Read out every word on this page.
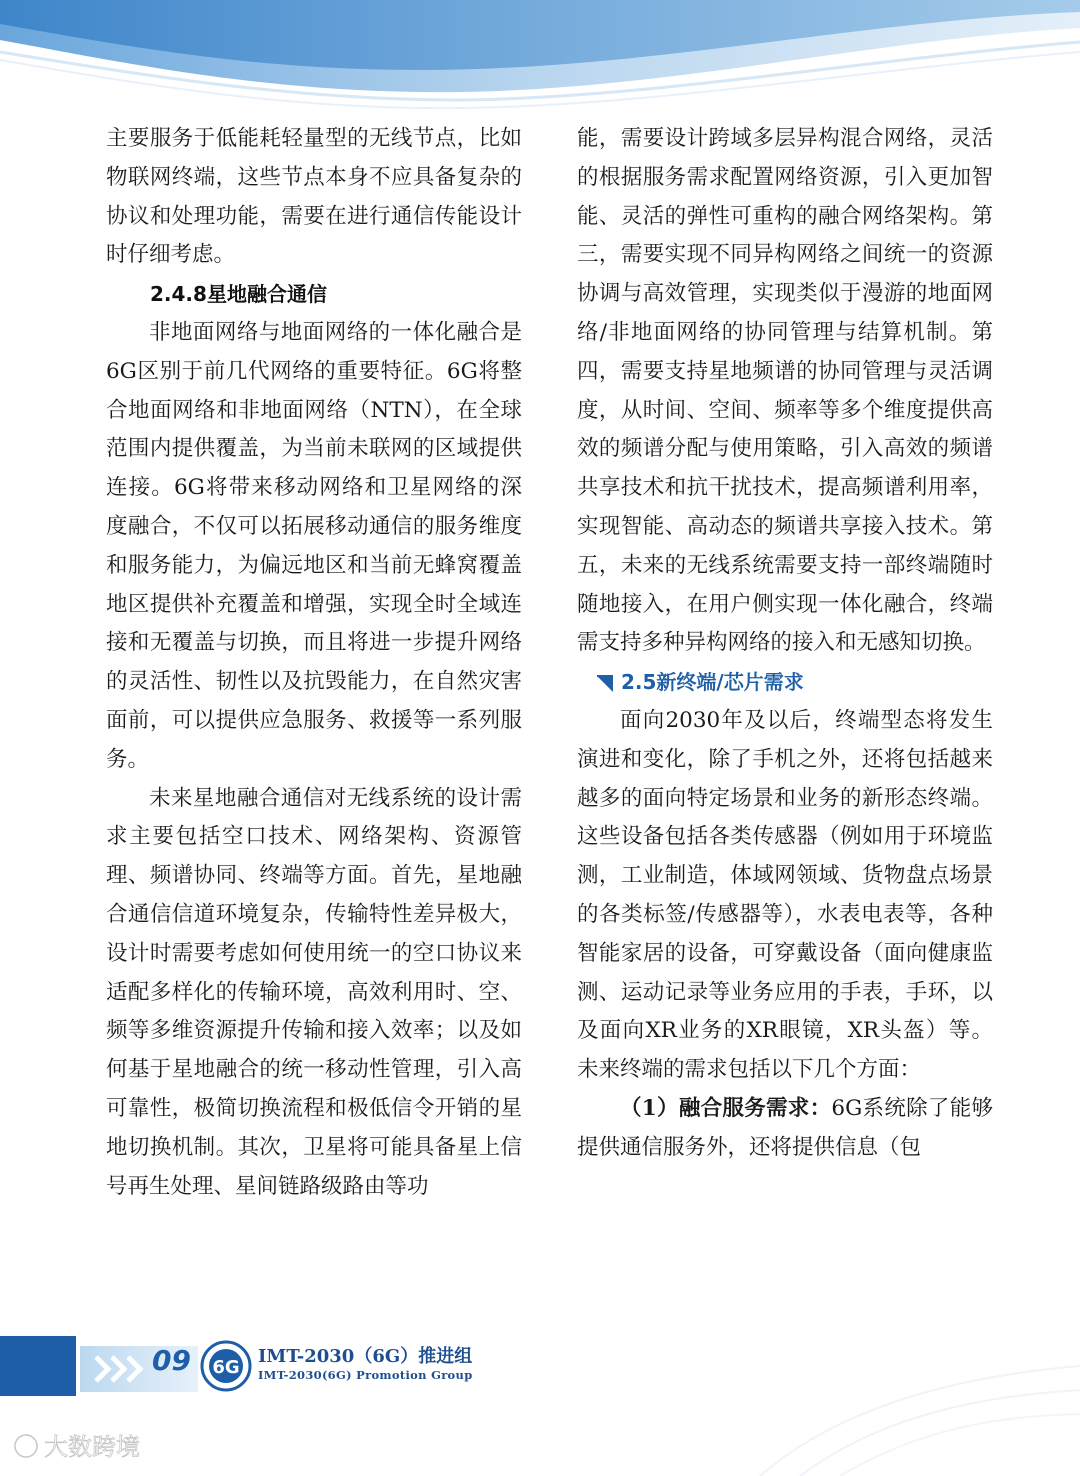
主要服务于低能耗轻量型的无线节点，比如物联网终端，这些节点本身不应具备复杂的协议和处理功能，需要在进行通信传能设计时仔细考虑。

2.4.8星地融合通信

非地面网络与地面网络的一体化融合是6G区别于前几代网络的重要特征。6G将整合地面网络和非地面网络（NTN），在全球范围内提供覆盖，为当前未联网的区域提供连接。6G将带来移动网络和卫星网络的深度融合，不仅可以拓展移动通信的服务维度和服务能力，为偏远地区和当前无蜂窝覆盖地区提供补充覆盖和增强，实现全时全域连接和无覆盖与切换，而且将进一步提升网络的灵活性、韧性以及抗毁能力，在自然灾害面前，可以提供应急服务、救援等一系列服务。

未来星地融合通信对无线系统的设计需求主要包括空口技术、网络架构、资源管理、频谱协同、终端等方面。首先，星地融合通信信道环境复杂，传输特性差异极大，设计时需要考虑如何使用统一的空口协议来适配多样化的传输环境，高效利用时、空、频等多维资源提升传输和接入效率；以及如何基于星地融合的统一移动性管理，引入高可靠性，极简切换流程和极低信令开销的星地切换机制。其次，卫星将可能具备星上信号再生处理、星间链路级路由等功

能，需要设计跨域多层异构混合网络，灵活的根据服务需求配置网络资源，引入更加智能、灵活的弹性可重构的融合网络架构。第三，需要实现不同异构网络之间统一的资源协调与高效管理，实现类似于漫游的地面网络/非地面网络的协同管理与结算机制。第四，需要支持星地频谱的协同管理与灵活调度，从时间、空间、频率等多个维度提供高效的频谱分配与使用策略，引入高效的频谱共享技术和抗干扰技术，提高频谱利用率，实现智能、高动态的频谱共享接入技术。第五，未来的无线系统需要支持一部终端随时随地接入，在用户侧实现一体化融合，终端需支持多种异构网络的接入和无感知切换。

2.5新终端/芯片需求

面向2030年及以后，终端型态将发生演进和变化，除了手机之外，还将包括越来越多的面向特定场景和业务的新形态终端。这些设备包括各类传感器（例如用于环境监测，工业制造，体域网领域、货物盘点场景的各类标签/传感器等），水表电表等，各种智能家居的设备，可穿戴设备（面向健康监测、运动记录等业务应用的手表，手环，以及面向XR业务的XR眼镜，XR头盔）等。未来终端的需求包括以下几个方面：

（1）融合服务需求：6G系统除了能够提供通信服务外，还将提供信息（包

09 6G
IMT-2030（6G）推进组
IMT-2030(6G) Promotion Group
大数跨境
